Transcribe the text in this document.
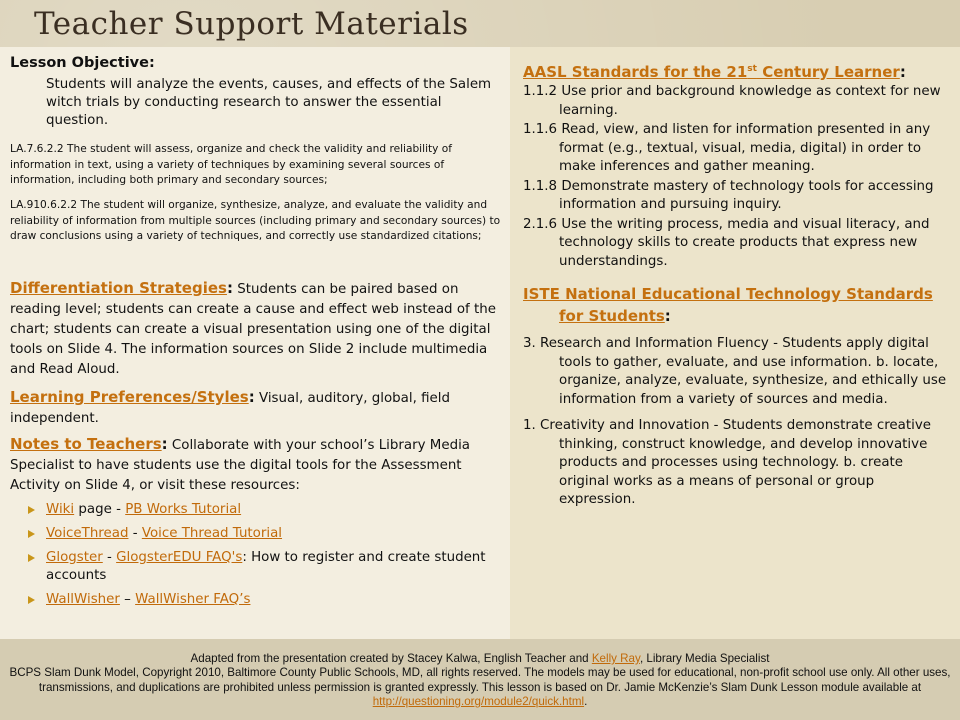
Teacher Support Materials
Lesson Objective:
Students will analyze the events, causes, and effects of the Salem witch trials by conducting research to answer the essential question.
LA.7.6.2.2 The student will assess, organize and check the validity and reliability of information in text, using a variety of techniques by examining several sources of information, including both primary and secondary sources;
LA.910.6.2.2 The student will organize, synthesize, analyze, and evaluate the validity and reliability of information from multiple sources (including primary and secondary sources) to draw conclusions using a variety of techniques, and correctly use standardized citations;
Differentiation Strategies: Students can be paired based on reading level; students can create a cause and effect web instead of the chart; students can create a visual presentation using one of the digital tools on Slide 4. The information sources on Slide 2 include multimedia and Read Aloud.
Learning Preferences/Styles: Visual, auditory, global, field independent.
Notes to Teachers: Collaborate with your school’s Library Media Specialist to have students use the digital tools for the Assessment Activity on Slide 4, or visit these resources:
Wiki page - PB Works Tutorial
VoiceThread - Voice Thread Tutorial
Glogster - GlogsterEDU FAQ's: How to register and create student accounts
WallWisher – WallWisher FAQ’s
AASL Standards for the 21st Century Learner:
1.1.2 Use prior and background knowledge as context for new learning.
1.1.6 Read, view, and listen for information presented in any format (e.g., textual, visual, media, digital) in order to make inferences and gather meaning.
1.1.8 Demonstrate mastery of technology tools for accessing information and pursuing inquiry.
2.1.6 Use the writing process, media and visual literacy, and technology skills to create products that express new understandings.
ISTE National Educational Technology Standards for Students:
3. Research and Information Fluency - Students apply digital tools to gather, evaluate, and use information. b. locate, organize, analyze, evaluate, synthesize, and ethically use information from a variety of sources and media.
1. Creativity and Innovation - Students demonstrate creative thinking, construct knowledge, and develop innovative products and processes using technology. b. create original works as a means of personal or group expression.
Adapted from the presentation created by Stacey Kalwa, English Teacher and Kelly Ray, Library Media Specialist
BCPS Slam Dunk Model, Copyright 2010, Baltimore County Public Schools, MD, all rights reserved. The models may be used for educational, non-profit school use only. All other uses, transmissions, and duplications are prohibited unless permission is granted expressly. This lesson is based on Dr. Jamie McKenzie’s Slam Dunk Lesson module available at http://questioning.org/module2/quick.html.
